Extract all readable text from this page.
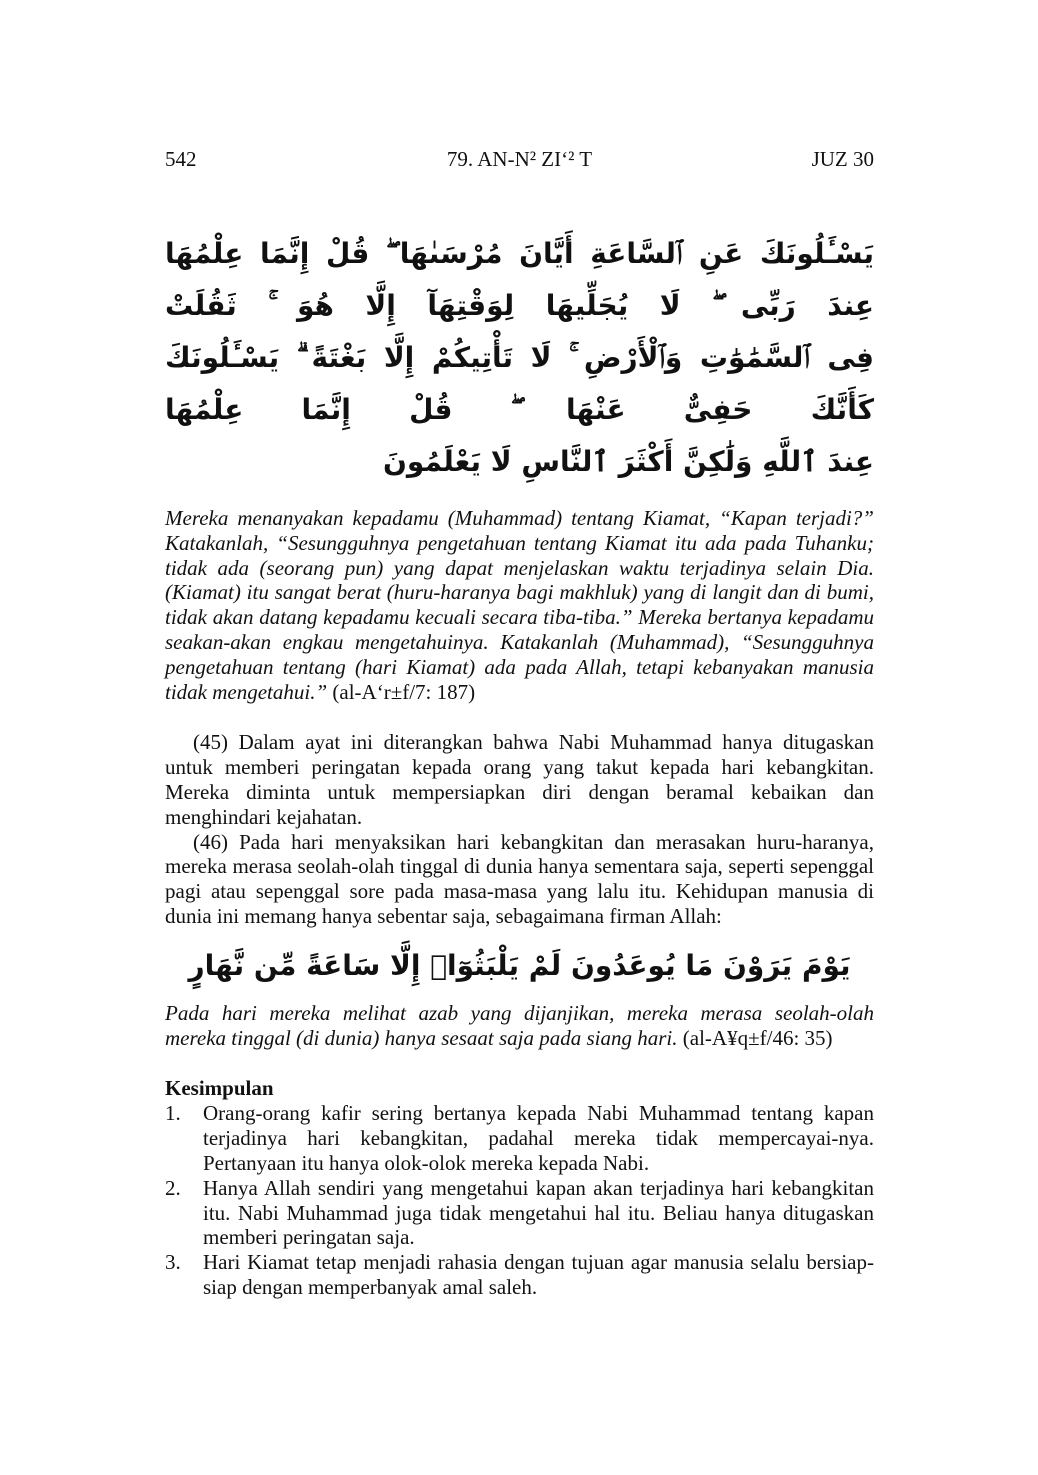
542	79. AN-N² ZI‘² T	JUZ 30
يَسْـَٔلُونَكَ عَنِ ٱلسَّاعَةِ أَيَّانَ مُرْسَىٰهَا ۖ قُلْ إِنَّمَا عِلْمُهَا عِندَ رَبِّى ۖ لَا يُجَلِّيهَا لِوَقْتِهَآ إِلَّا هُوَ ۚ ثَقُلَتْ
فِى ٱلسَّمَٰوَٰتِ وَٱلْأَرْضِ ۚ لَا تَأْتِيكُمْ إِلَّا بَغْتَةً ۗ يَسْـَٔلُونَكَ كَأَنَّكَ حَفِىٌّ عَنْهَا ۖ قُلْ إِنَّمَا عِلْمُهَا
عِندَ ٱللَّهِ وَلَٰكِنَّ أَكْثَرَ ٱلنَّاسِ لَا يَعْلَمُونَ

Mereka menanyakan kepadamu (Muhammad) tentang Kiamat, “Kapan terjadi?” Katakanlah, “Sesungguhnya pengetahuan tentang Kiamat itu ada pada Tuhanku; tidak ada (seorang pun) yang dapat menjelaskan waktu terjadinya selain Dia. (Kiamat) itu sangat berat (huru-haranya bagi makhluk) yang di langit dan di bumi, tidak akan datang kepadamu kecuali secara tiba-tiba.” Mereka bertanya kepadamu seakan-akan engkau mengetahuinya. Katakanlah (Muhammad), “Sesungguhnya pengetahuan tentang (hari Kiamat) ada pada Allah, tetapi kebanyakan manusia tidak mengetahui.” (al-A‘r±f/7: 187)

(45) Dalam ayat ini diterangkan bahwa Nabi Muhammad hanya ditugaskan untuk memberi peringatan kepada orang yang takut kepada hari kebangkitan. Mereka diminta untuk mempersiapkan diri dengan beramal kebaikan dan menghindari kejahatan.

(46) Pada hari menyaksikan hari kebangkitan dan merasakan huru-haranya, mereka merasa seolah-olah tinggal di dunia hanya sementara saja, seperti sepenggal pagi atau sepenggal sore pada masa-masa yang lalu itu. Kehidupan manusia di dunia ini memang hanya sebentar saja, sebagaimana firman Allah:

يَوْمَ يَرَوْنَ مَا يُوعَدُونَ لَمْ يَلْبَثُوٓا۟ إِلَّا سَاعَةً مِّن نَّهَارٍ

Pada hari mereka melihat azab yang dijanjikan, mereka merasa seolah-olah mereka tinggal (di dunia) hanya sesaat saja pada siang hari. (al-A¥q±f/46: 35)

Kesimpulan
1.	Orang-orang kafir sering bertanya kepada Nabi Muhammad tentang kapan terjadinya hari kebangkitan, padahal mereka tidak mempercayai-nya. Pertanyaan itu hanya olok-olok mereka kepada Nabi.
2.	Hanya Allah sendiri yang mengetahui kapan akan terjadinya hari kebangkitan itu. Nabi Muhammad juga tidak mengetahui hal itu. Beliau hanya ditugaskan memberi peringatan saja.
3.	Hari Kiamat tetap menjadi rahasia dengan tujuan agar manusia selalu bersiap-siap dengan memperbanyak amal saleh.
